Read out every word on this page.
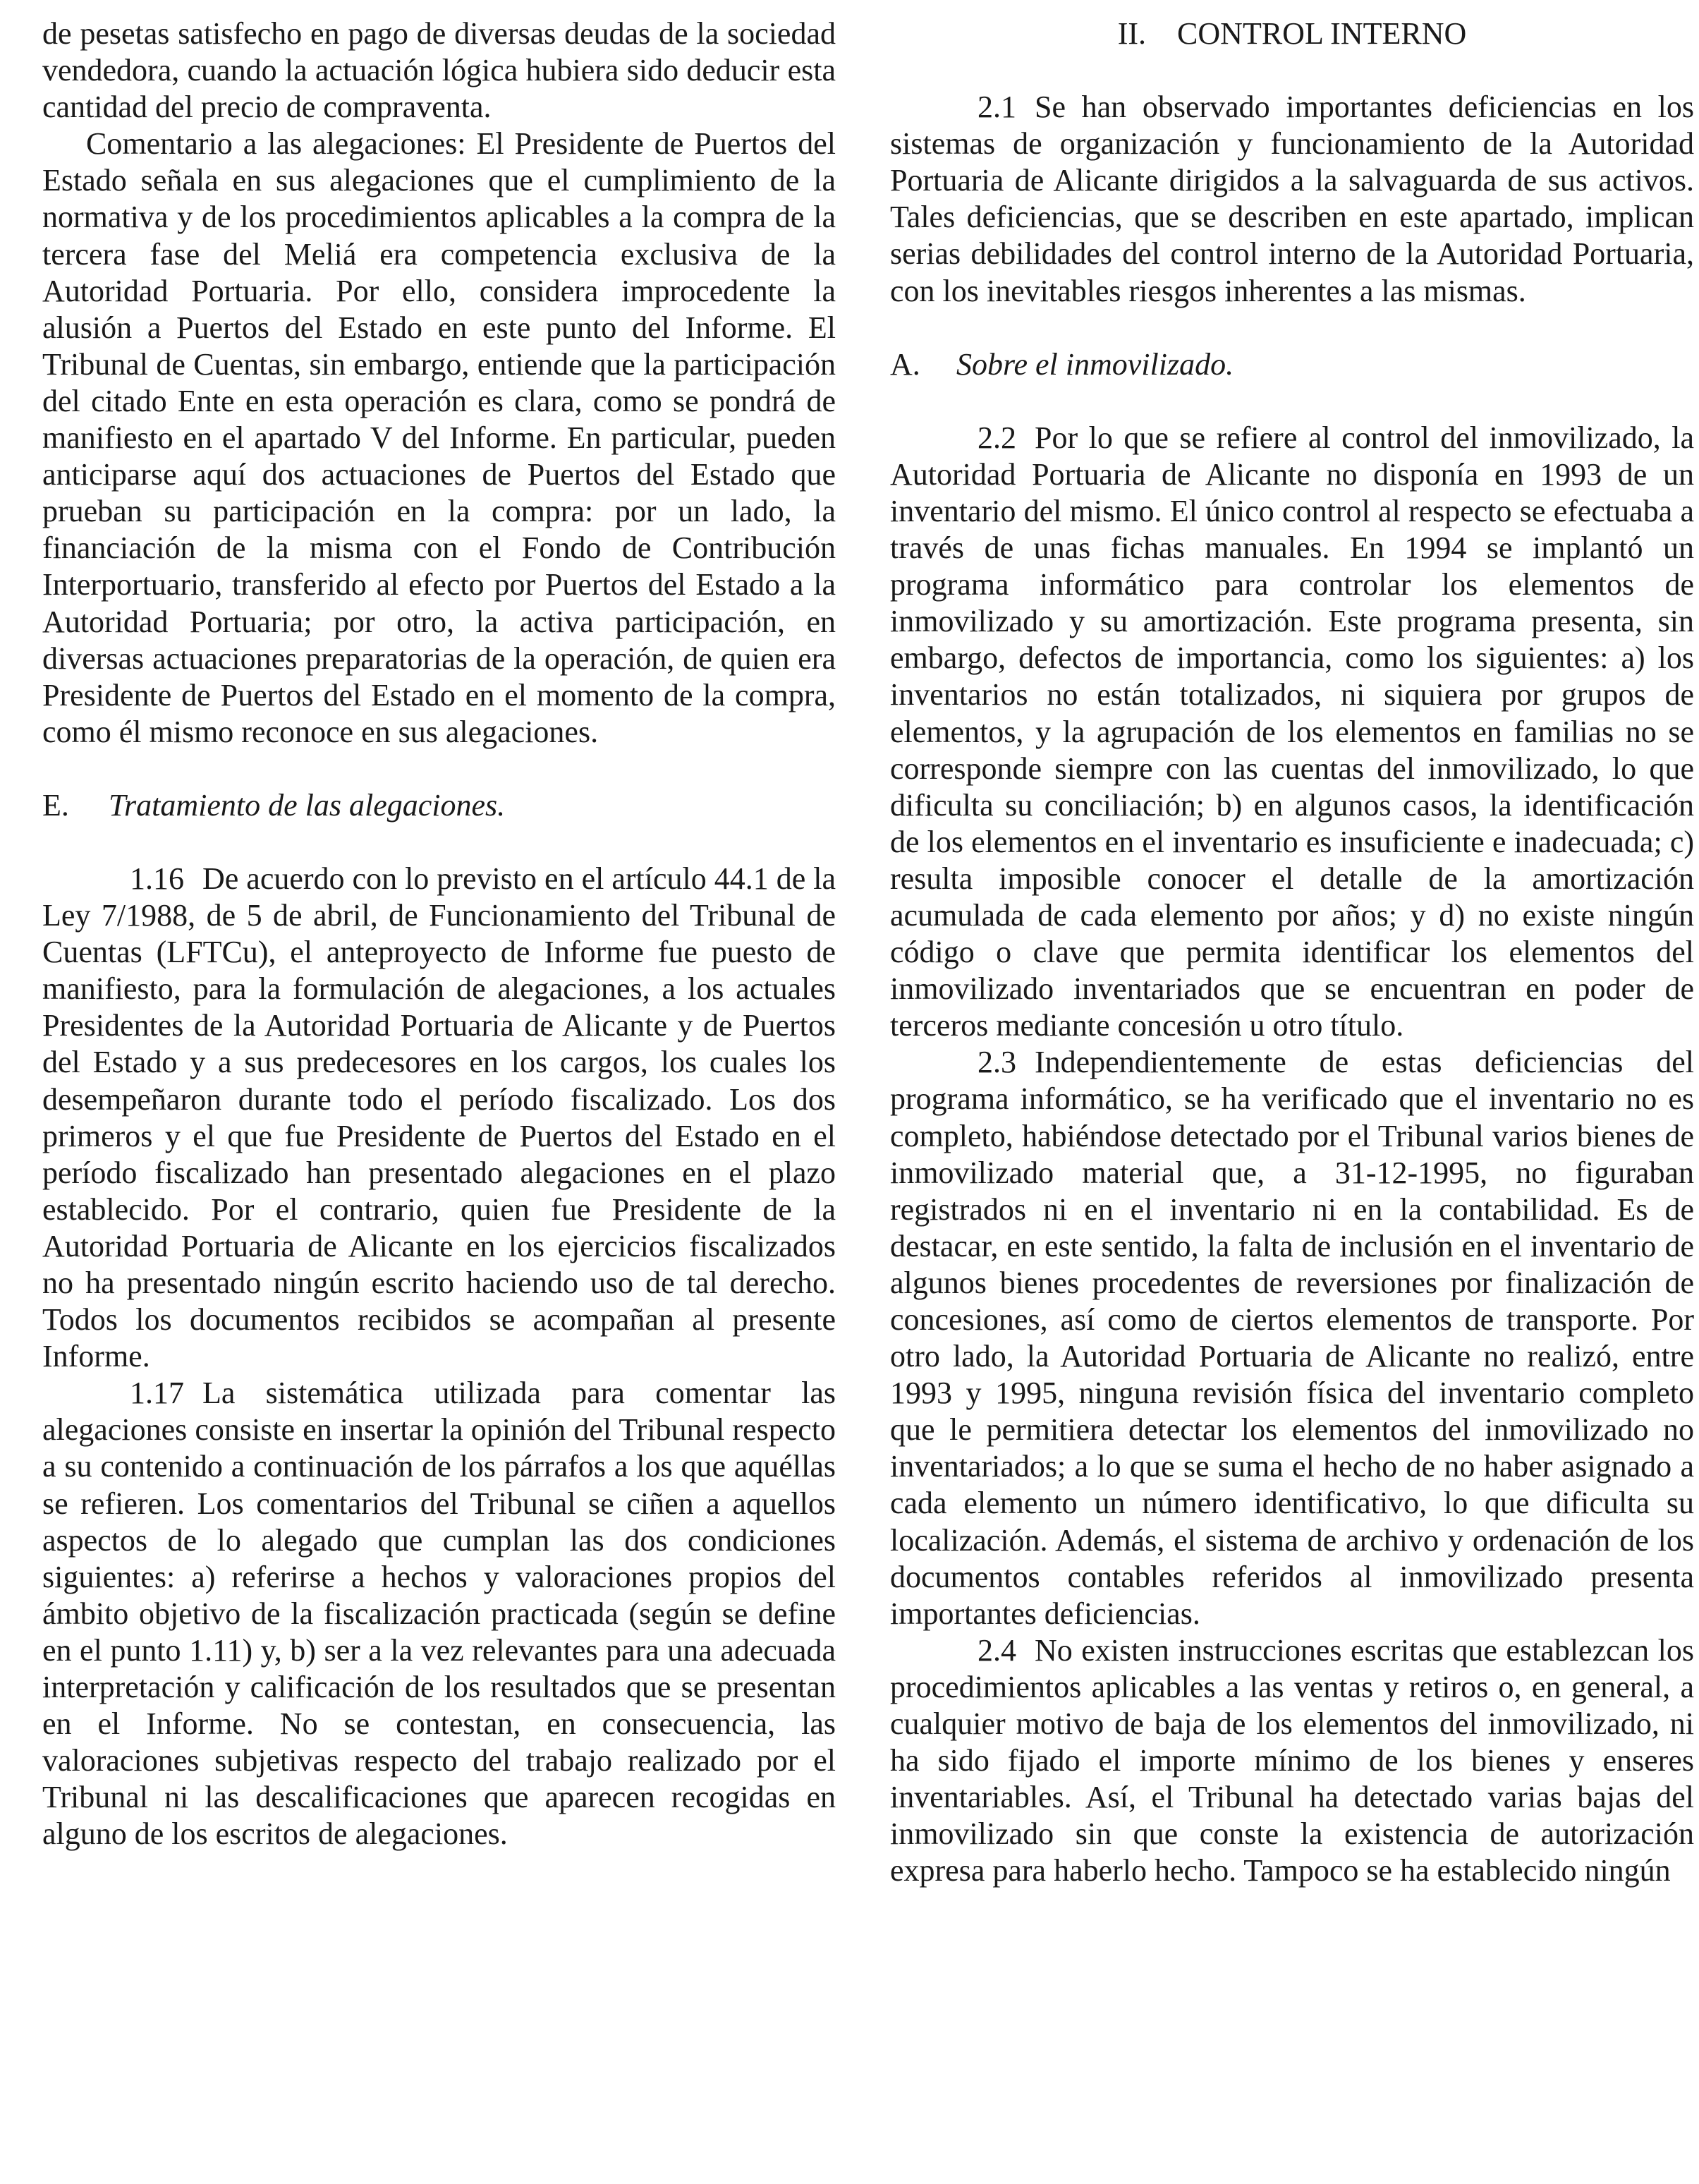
de pesetas satisfecho en pago de diversas deudas de la sociedad vendedora, cuando la actuación lógica hubiera sido deducir esta cantidad del precio de compraventa.

Comentario a las alegaciones: El Presidente de Puertos del Estado señala en sus alegaciones que el cumplimiento de la normativa y de los procedimientos aplicables a la compra de la tercera fase del Meliá era competencia exclusiva de la Autoridad Portuaria. Por ello, considera improcedente la alusión a Puertos del Estado en este punto del Informe. El Tribunal de Cuentas, sin embargo, entiende que la participación del citado Ente en esta operación es clara, como se pondrá de manifiesto en el apartado V del Informe. En particular, pueden anticiparse aquí dos actuaciones de Puertos del Estado que prueban su participación en la compra: por un lado, la financiación de la misma con el Fondo de Contribución Interportuario, transferido al efecto por Puertos del Estado a la Autoridad Portuaria; por otro, la activa participación, en diversas actuaciones preparatorias de la operación, de quien era Presidente de Puertos del Estado en el momento de la compra, como él mismo reconoce en sus alegaciones.

E. Tratamiento de las alegaciones.

1.16 De acuerdo con lo previsto en el artículo 44.1 de la Ley 7/1988, de 5 de abril, de Funcionamiento del Tribunal de Cuentas (LFTCu), el anteproyecto de Informe fue puesto de manifiesto, para la formulación de alegaciones, a los actuales Presidentes de la Autoridad Portuaria de Alicante y de Puertos del Estado y a sus predecesores en los cargos, los cuales los desempeñaron durante todo el período fiscalizado. Los dos primeros y el que fue Presidente de Puertos del Estado en el período fiscalizado han presentado alegaciones en el plazo establecido. Por el contrario, quien fue Presidente de la Autoridad Portuaria de Alicante en los ejercicios fiscalizados no ha presentado ningún escrito haciendo uso de tal derecho. Todos los documentos recibidos se acompañan al presente Informe.

1.17 La sistemática utilizada para comentar las alegaciones consiste en insertar la opinión del Tribunal respecto a su contenido a continuación de los párrafos a los que aquéllas se refieren. Los comentarios del Tribunal se ciñen a aquellos aspectos de lo alegado que cumplan las dos condiciones siguientes: a) referirse a hechos y valoraciones propios del ámbito objetivo de la fiscalización practicada (según se define en el punto 1.11) y, b) ser a la vez relevantes para una adecuada interpretación y calificación de los resultados que se presentan en el Informe. No se contestan, en consecuencia, las valoraciones subjetivas respecto del trabajo realizado por el Tribunal ni las descalificaciones que aparecen recogidas en alguno de los escritos de alegaciones.

II.    CONTROL INTERNO

2.1 Se han observado importantes deficiencias en los sistemas de organización y funcionamiento de la Autoridad Portuaria de Alicante dirigidos a la salvaguarda de sus activos. Tales deficiencias, que se describen en este apartado, implican serias debilidades del control interno de la Autoridad Portuaria, con los inevitables riesgos inherentes a las mismas.

A. Sobre el inmovilizado.

2.2 Por lo que se refiere al control del inmovilizado, la Autoridad Portuaria de Alicante no disponía en 1993 de un inventario del mismo. El único control al respecto se efectuaba a través de unas fichas manuales. En 1994 se implantó un programa informático para controlar los elementos de inmovilizado y su amortización. Este programa presenta, sin embargo, defectos de importancia, como los siguientes: a) los inventarios no están totalizados, ni siquiera por grupos de elementos, y la agrupación de los elementos en familias no se corresponde siempre con las cuentas del inmovilizado, lo que dificulta su conciliación; b) en algunos casos, la identificación de los elementos en el inventario es insuficiente e inadecuada; c) resulta imposible conocer el detalle de la amortización acumulada de cada elemento por años; y d) no existe ningún código o clave que permita identificar los elementos del inmovilizado inventariados que se encuentran en poder de terceros mediante concesión u otro título.

2.3 Independientemente de estas deficiencias del programa informático, se ha verificado que el inventario no es completo, habiéndose detectado por el Tribunal varios bienes de inmovilizado material que, a 31-12-1995, no figuraban registrados ni en el inventario ni en la contabilidad. Es de destacar, en este sentido, la falta de inclusión en el inventario de algunos bienes procedentes de reversiones por finalización de concesiones, así como de ciertos elementos de transporte. Por otro lado, la Autoridad Portuaria de Alicante no realizó, entre 1993 y 1995, ninguna revisión física del inventario completo que le permitiera detectar los elementos del inmovilizado no inventariados; a lo que se suma el hecho de no haber asignado a cada elemento un número identificativo, lo que dificulta su localización. Además, el sistema de archivo y ordenación de los documentos contables referidos al inmovilizado presenta importantes deficiencias.

2.4 No existen instrucciones escritas que establezcan los procedimientos aplicables a las ventas y retiros o, en general, a cualquier motivo de baja de los elementos del inmovilizado, ni ha sido fijado el importe mínimo de los bienes y enseres inventariables. Así, el Tribunal ha detectado varias bajas del inmovilizado sin que conste la existencia de autorización expresa para haberlo hecho. Tampoco se ha establecido ningún
